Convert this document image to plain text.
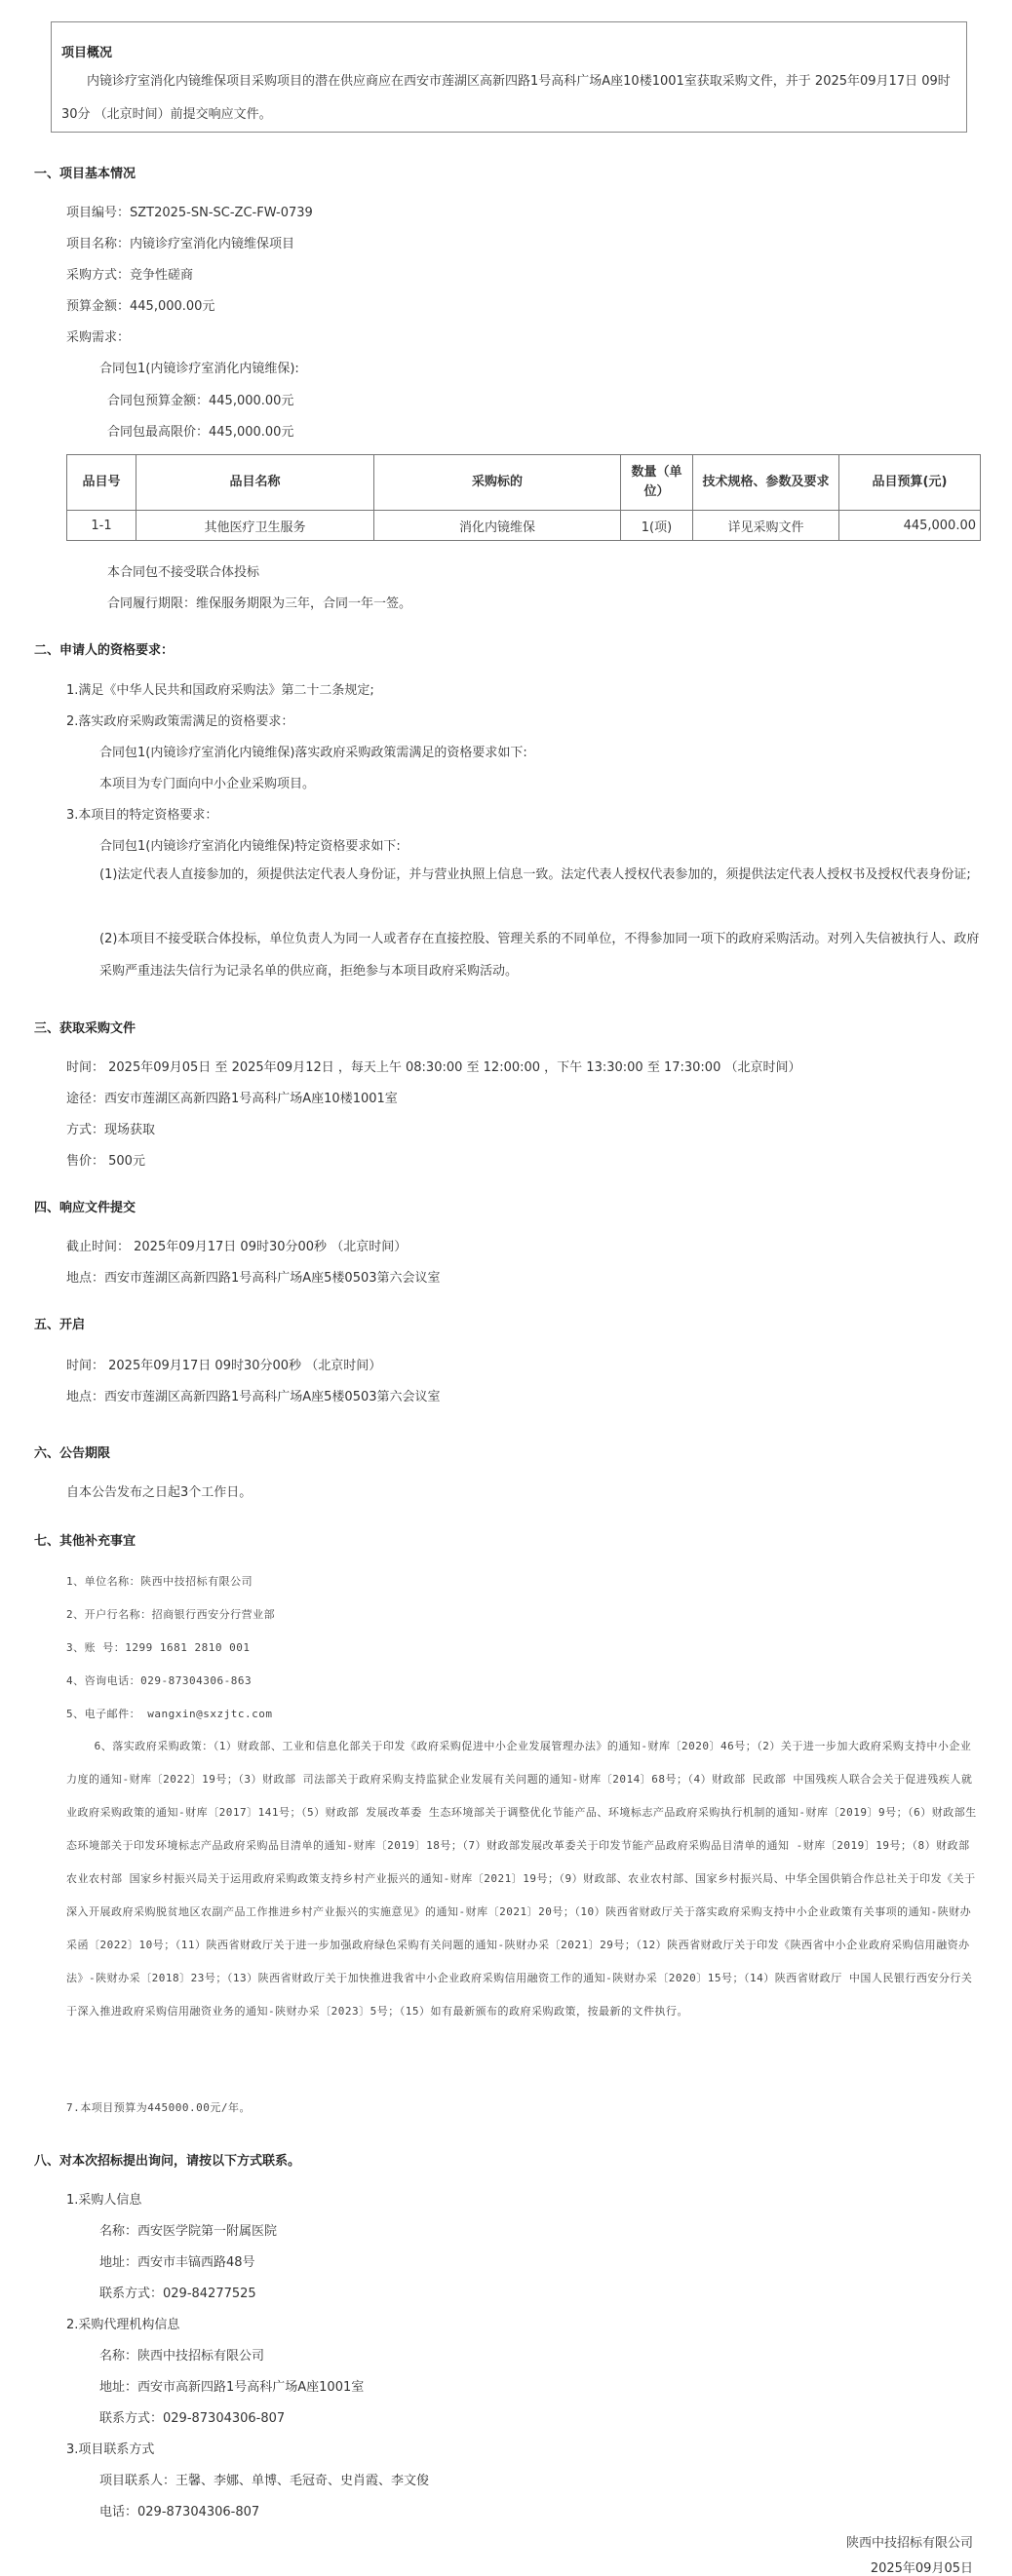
项目概况
内镜诊疗室消化内镜维保项目采购项目的潜在供应商应在西安市莲湖区高新四路1号高科广场A座10楼1001室获取采购文件，并于 2025年09月17日 09时30分 （北京时间）前提交响应文件。
一、项目基本情况
项目编号：SZT2025-SN-SC-ZC-FW-0739
项目名称：内镜诊疗室消化内镜维保项目
采购方式：竞争性磋商
预算金额：445,000.00元
采购需求：
合同包1(内镜诊疗室消化内镜维保):
合同包预算金额：445,000.00元
合同包最高限价：445,000.00元
品目号	品目名称	采购标的	数量（单位）	技术规格、参数及要求	品目预算(元)
1-1	其他医疗卫生服务	消化内镜维保	1(项)	详见采购文件	445,000.00
本合同包不接受联合体投标
合同履行期限：维保服务期限为三年，合同一年一签。
二、申请人的资格要求：
1.满足《中华人民共和国政府采购法》第二十二条规定;
2.落实政府采购政策需满足的资格要求：
合同包1(内镜诊疗室消化内镜维保)落实政府采购政策需满足的资格要求如下:
本项目为专门面向中小企业采购项目。
3.本项目的特定资格要求：
合同包1(内镜诊疗室消化内镜维保)特定资格要求如下:
(1)法定代表人直接参加的，须提供法定代表人身份证，并与营业执照上信息一致。法定代表人授权代表参加的，须提供法定代表人授权书及授权代表身份证;
(2)本项目不接受联合体投标，单位负责人为同一人或者存在直接控股、管理关系的不同单位，不得参加同一项下的政府采购活动。对列入失信被执行人、政府采购严重违法失信行为记录名单的供应商，拒绝参与本项目政府采购活动。
三、获取采购文件
时间： 2025年09月05日 至 2025年09月12日 ，每天上午 08:30:00 至 12:00:00 ，下午 13:30:00 至 17:30:00 （北京时间）
途径：西安市莲湖区高新四路1号高科广场A座10楼1001室
方式：现场获取
售价： 500元
四、响应文件提交
截止时间： 2025年09月17日 09时30分00秒 （北京时间）
地点：西安市莲湖区高新四路1号高科广场A座5楼0503第六会议室
五、开启
时间： 2025年09月17日 09时30分00秒 （北京时间）
地点：西安市莲湖区高新四路1号高科广场A座5楼0503第六会议室
六、公告期限
自本公告发布之日起3个工作日。
七、其他补充事宜
1、单位名称：陕西中技招标有限公司
2、开户行名称：招商银行西安分行营业部
3、账 号：1299 1681 2810 001
4、咨询电话：029-87304306-863
5、电子邮件： wangxin@sxzjtc.com
6、落实政府采购政策：（1）财政部、工业和信息化部关于印发《政府采购促进中小企业发展管理办法》的通知-财库〔2020〕46号；（2）关于进一步加大政府采购支持中小企业力度的通知-财库〔2022〕19号；（3）财政部 司法部关于政府采购支持监狱企业发展有关问题的通知-财库〔2014〕68号；（4）财政部 民政部 中国残疾人联合会关于促进残疾人就业政府采购政策的通知-财库〔2017〕141号；（5）财政部 发展改革委 生态环境部关于调整优化节能产品、环境标志产品政府采购执行机制的通知-财库〔2019〕9号；（6）财政部生态环境部关于印发环境标志产品政府采购品目清单的通知-财库〔2019〕18号；（7）财政部发展改革委关于印发节能产品政府采购品目清单的通知 -财库〔2019〕19号；（8）财政部 农业农村部 国家乡村振兴局关于运用政府采购政策支持乡村产业振兴的通知-财库〔2021〕19号；（9）财政部、农业农村部、国家乡村振兴局、中华全国供销合作总社关于印发《关于深入开展政府采购脱贫地区农副产品工作推进乡村产业振兴的实施意见》的通知-财库〔2021〕20号；（10）陕西省财政厅关于落实政府采购支持中小企业政策有关事项的通知-陕财办采函〔2022〕10号；（11）陕西省财政厅关于进一步加强政府绿色采购有关问题的通知-陕财办采〔2021〕29号；（12）陕西省财政厅关于印发《陕西省中小企业政府采购信用融资办法》-陕财办采〔2018〕23号；（13）陕西省财政厅关于加快推进我省中小企业政府采购信用融资工作的通知-陕财办采〔2020〕15号；（14）陕西省财政厅 中国人民银行西安分行关于深入推进政府采购信用融资业务的通知-陕财办采〔2023〕5号；（15）如有最新颁布的政府采购政策，按最新的文件执行。
7.本项目预算为445000.00元/年。
八、对本次招标提出询问，请按以下方式联系。
1.采购人信息
名称：西安医学院第一附属医院
地址：西安市丰镐西路48号
联系方式：029-84277525
2.采购代理机构信息
名称：陕西中技招标有限公司
地址：西安市高新四路1号高科广场A座1001室
联系方式：029-87304306-807
3.项目联系方式
项目联系人：王馨、李娜、单博、毛冠奇、史肖霞、李文俊
电话：029-87304306-807
陕西中技招标有限公司
2025年09月05日
